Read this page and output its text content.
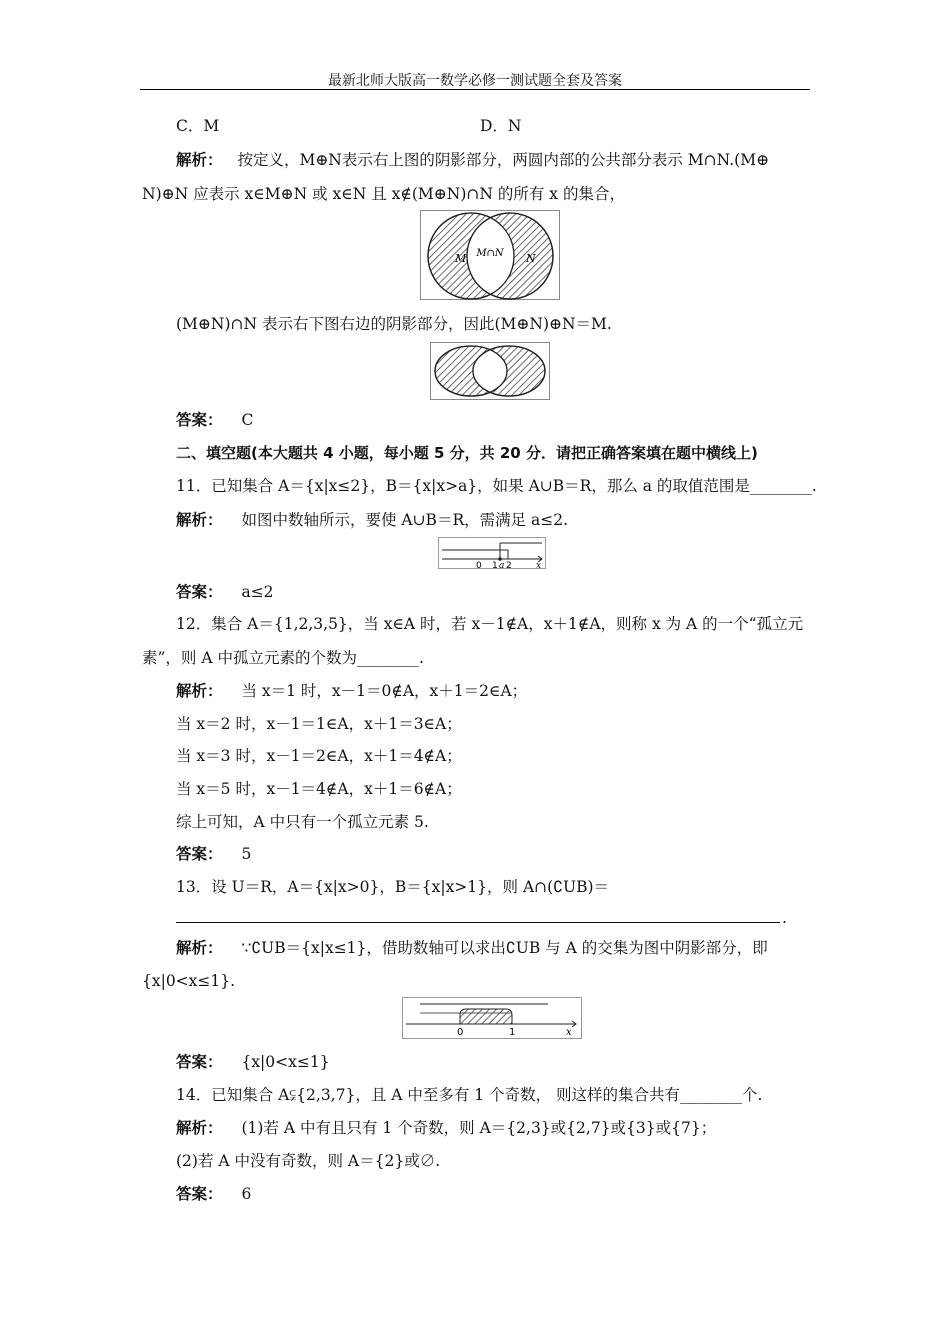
最新北师大版高一数学必修一测试题全套及答案
C．M	D．N
解析： 按定义，M⊕N表示右上图的阴影部分，两圆内部的公共部分表示 M∩N.(M⊕
N)⊕N 应表示 x∈M⊕N 或 x∈N 且 x∉(M⊕N)∩N 的所有 x 的集合，
M M∩N N
(M⊕N)∩N 表示右下图右边的阴影部分，因此(M⊕N)⊕N＝M.
答案： C
二、填空题(本大题共 4 小题，每小题 5 分，共 20 分．请把正确答案填在题中横线上)
11．已知集合 A＝{x|x≤2}，B＝{x|x>a}，如果 A∪B＝R，那么 a 的取值范围是________.
解析： 如图中数轴所示，要使 A∪B＝R，需满足 a≤2.
0 1 a 2	x
答案： a≤2
12．集合 A＝{1,2,3,5}，当 x∈A 时，若 x－1∉A，x＋1∉A，则称 x 为 A 的一个“孤立元
素”，则 A 中孤立元素的个数为________.
解析： 当 x＝1 时，x－1＝0∉A，x＋1＝2∈A；
当 x＝2 时，x－1＝1∈A，x＋1＝3∈A；
当 x＝3 时，x－1＝2∈A，x＋1＝4∉A；
当 x＝5 时，x－1＝4∉A，x＋1＝6∉A；
综上可知，A 中只有一个孤立元素 5.
答案： 5
13．设 U＝R，A＝{x|x>0}，B＝{x|x>1}，则 A∩(∁UB)＝
.
解析： ∵∁UB＝{x|x≤1}，借助数轴可以求出∁UB 与 A 的交集为图中阴影部分，即
{x|0<x≤1}.
0	1	x
答案： {x|0<x≤1}
14．已知集合 A⫋{2,3,7}，且 A 中至多有 1 个奇数， 则这样的集合共有________个.
解析： (1)若 A 中有且只有 1 个奇数，则 A＝{2,3}或{2,7}或{3}或{7}；
(2)若 A 中没有奇数，则 A＝{2}或∅.
答案： 6
